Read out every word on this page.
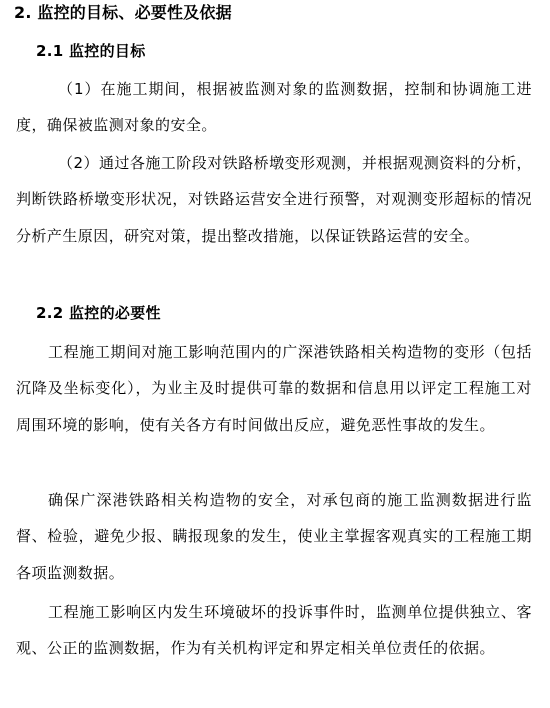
2. 监控的目标、必要性及依据
2.1 监控的目标

（1）在施工期间，根据被监测对象的监测数据，控制和协调施工进度，确保被监测对象的安全。

（2）通过各施工阶段对铁路桥墩变形观测，并根据观测资料的分析，判断铁路桥墩变形状况，对铁路运营安全进行预警，对观测变形超标的情况分析产生原因，研究对策，提出整改措施，以保证铁路运营的安全。

2.2 监控的必要性

工程施工期间对施工影响范围内的广深港铁路相关构造物的变形（包括沉降及坐标变化），为业主及时提供可靠的数据和信息用以评定工程施工对周围环境的影响，使有关各方有时间做出反应，避免恶性事故的发生。

确保广深港铁路相关构造物的安全，对承包商的施工监测数据进行监督、检验，避免少报、瞒报现象的发生，使业主掌握客观真实的工程施工期各项监测数据。

工程施工影响区内发生环境破坏的投诉事件时，监测单位提供独立、客观、公正的监测数据，作为有关机构评定和界定相关单位责任的依据。
